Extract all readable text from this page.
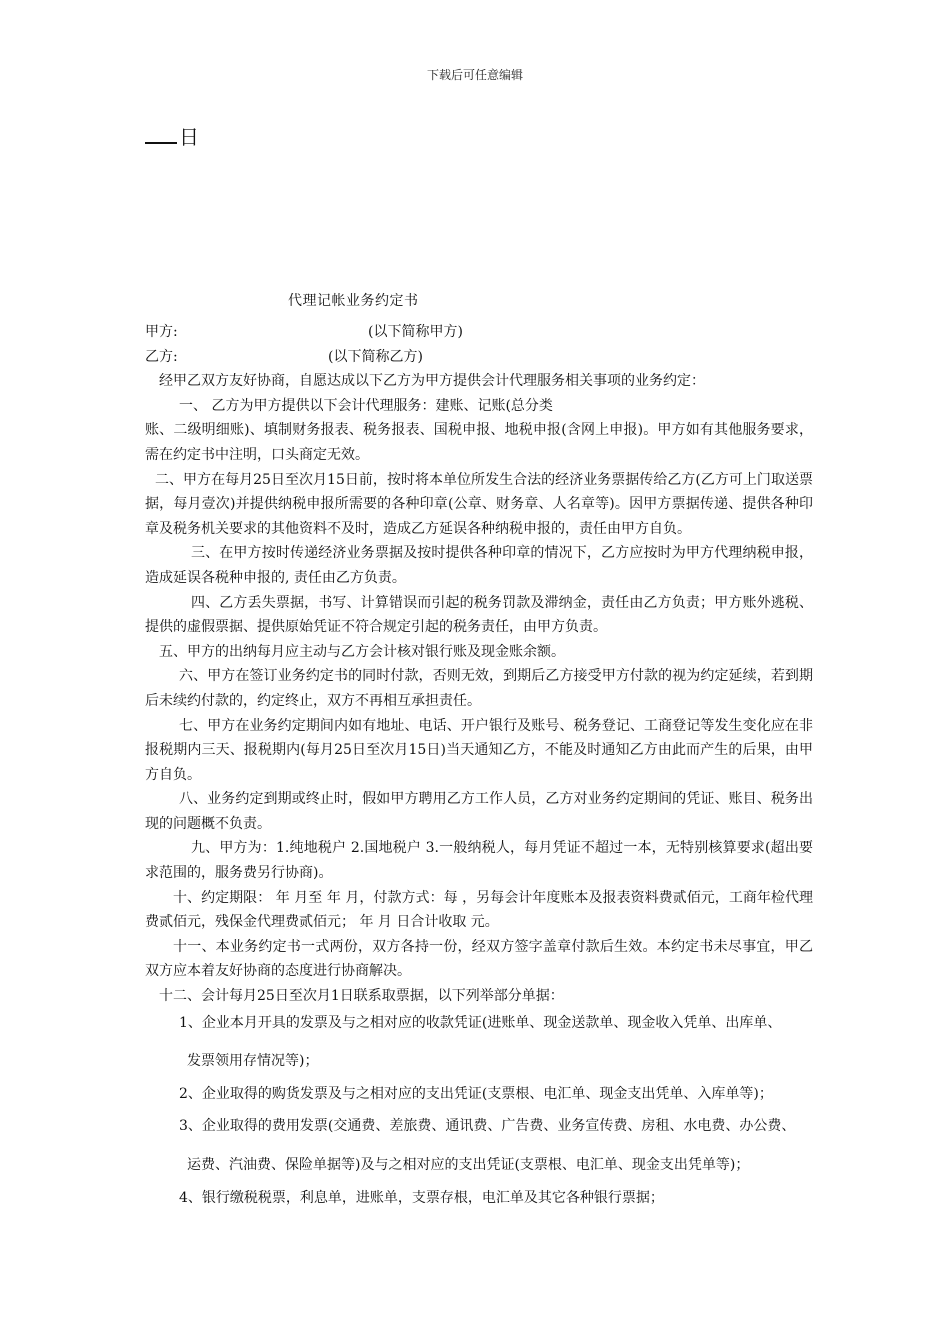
下载后可任意编辑
日
代理记帐业务约定书
甲方:	(以下简称甲方)
乙方:	(以下简称乙方)

经甲乙双方友好协商，自愿达成以下乙方为甲方提供会计代理服务相关事项的业务约定：

一、 乙方为甲方提供以下会计代理服务：建账、记账(总分类

账、二级明细账)、填制财务报表、税务报表、国税申报、地税申报(含网上申报)。甲方如有其他服务要求，需在约定书中注明，口头商定无效。

二、甲方在每月25日至次月15日前，按时将本单位所发生合法的经济业务票据传给乙方(乙方可上门取送票据，每月壹次)并提供纳税申报所需要的各种印章(公章、财务章、人名章等)。因甲方票据传递、提供各种印章及税务机关要求的其他资料不及时，造成乙方延误各种纳税申报的，责任由甲方自负。

三、在甲方按时传递经济业务票据及按时提供各种印章的情况下，乙方应按时为甲方代理纳税申报，造成延误各税种申报的, 责任由乙方负责。

四、乙方丢失票据，书写、计算错误而引起的税务罚款及滞纳金，责任由乙方负责；甲方账外逃税、提供的虚假票据、提供原始凭证不符合规定引起的税务责任，由甲方负责。

五、甲方的出纳每月应主动与乙方会计核对银行账及现金账余额。

六、甲方在签订业务约定书的同时付款，否则无效，到期后乙方接受甲方付款的视为约定延续，若到期后未续约付款的，约定终止，双方不再相互承担责任。

七、甲方在业务约定期间内如有地址、电话、开户银行及账号、税务登记、工商登记等发生变化应在非报税期内三天、报税期内(每月25日至次月15日)当天通知乙方，不能及时通知乙方由此而产生的后果，由甲方自负。

八、业务约定到期或终止时，假如甲方聘用乙方工作人员，乙方对业务约定期间的凭证、账目、税务出现的问题概不负责。

九、甲方为：1.纯地税户 2.国地税户 3.一般纳税人，每月凭证不超过一本，无特别核算要求(超出要求范围的，服务费另行协商)。

十、约定期限： 年 月至 年 月，付款方式：每 ，另每会计年度账本及报表资料费贰佰元，工商年检代理费贰佰元，残保金代理费贰佰元； 年 月 日合计收取 元。

十一、本业务约定书一式两份，双方各持一份，经双方签字盖章付款后生效。本约定书未尽事宜，甲乙双方应本着友好协商的态度进行协商解决。

十二、会计每月25日至次月1日联系取票据，以下列举部分单据：

1、企业本月开具的发票及与之相对应的收款凭证(进账单、现金送款单、现金收入凭单、出库单、

发票领用存情况等)；

2、企业取得的购货发票及与之相对应的支出凭证(支票根、电汇单、现金支出凭单、入库单等)；

3、企业取得的费用发票(交通费、差旅费、通讯费、广告费、业务宣传费、房租、水电费、办公费、

运费、汽油费、保险单据等)及与之相对应的支出凭证(支票根、电汇单、现金支出凭单等)；

4、银行缴税税票，利息单，进账单，支票存根，电汇单及其它各种银行票据；
